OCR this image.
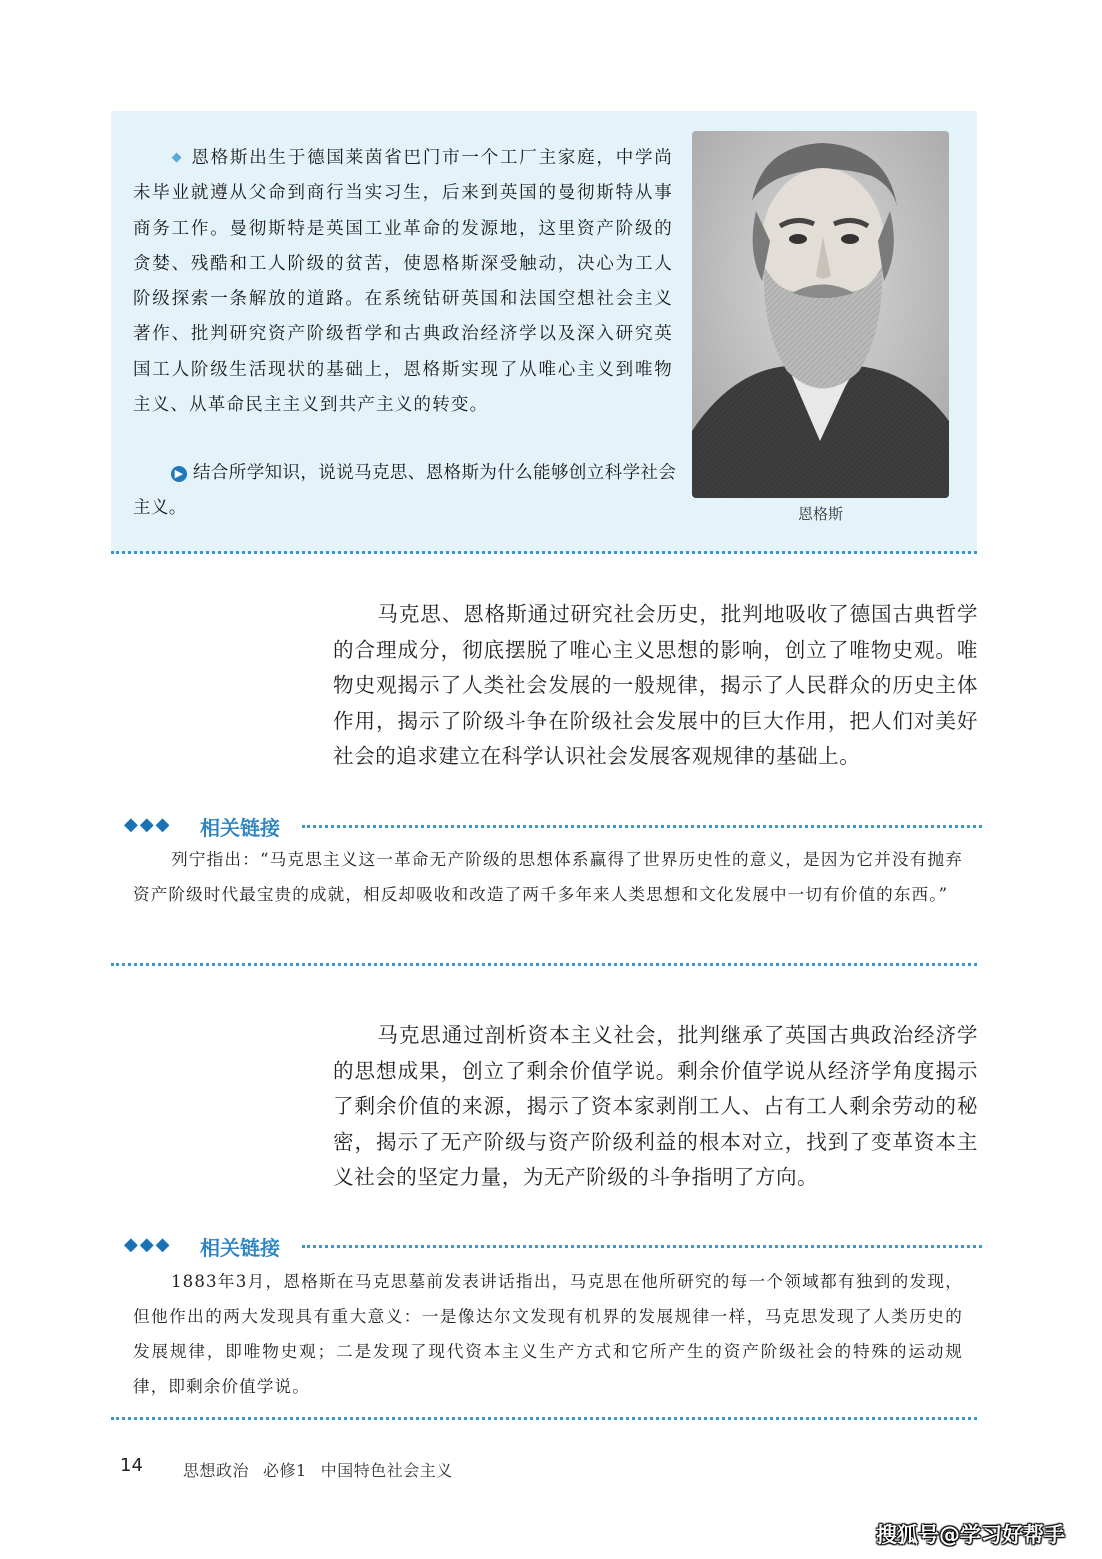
◆ 恩格斯出生于德国莱茵省巴门市一个工厂主家庭，中学尚未毕业就遵从父命到商行当实习生，后来到英国的曼彻斯特从事商务工作。曼彻斯特是英国工业革命的发源地，这里资产阶级的贪婪、残酷和工人阶级的贫苦，使恩格斯深受触动，决心为工人阶级探索一条解放的道路。在系统钻研英国和法国空想社会主义著作、批判研究资产阶级哲学和古典政治经济学以及深入研究英国工人阶级生活现状的基础上，恩格斯实现了从唯心主义到唯物主义、从革命民主主义到共产主义的转变。
▶ 结合所学知识，说说马克思、恩格斯为什么能够创立科学社会主义。	恩格斯
马克思、恩格斯通过研究社会历史，批判地吸收了德国古典哲学的合理成分，彻底摆脱了唯心主义思想的影响，创立了唯物史观。唯物史观揭示了人类社会发展的一般规律，揭示了人民群众的历史主体作用，揭示了阶级斗争在阶级社会发展中的巨大作用，把人们对美好社会的追求建立在科学认识社会发展客观规律的基础上。
◆◆◆ 相关链接
列宁指出：“马克思主义这一革命无产阶级的思想体系赢得了世界历史性的意义，是因为它并没有抛弃资产阶级时代最宝贵的成就，相反却吸收和改造了两千多年来人类思想和文化发展中一切有价值的东西。”
马克思通过剖析资本主义社会，批判继承了英国古典政治经济学的思想成果，创立了剩余价值学说。剩余价值学说从经济学角度揭示了剩余价值的来源，揭示了资本家剥削工人、占有工人剩余劳动的秘密，揭示了无产阶级与资产阶级利益的根本对立，找到了变革资本主义社会的坚定力量，为无产阶级的斗争指明了方向。
◆◆◆ 相关链接
1883年3月，恩格斯在马克思墓前发表讲话指出，马克思在他所研究的每一个领域都有独到的发现，但他作出的两大发现具有重大意义：一是像达尔文发现有机界的发展规律一样，马克思发现了人类历史的发展规律，即唯物史观；二是发现了现代资本主义生产方式和它所产生的资产阶级社会的特殊的运动规律，即剩余价值学说。
14	思想政治 必修1 中国特色社会主义
搜狐号@学习好帮手
